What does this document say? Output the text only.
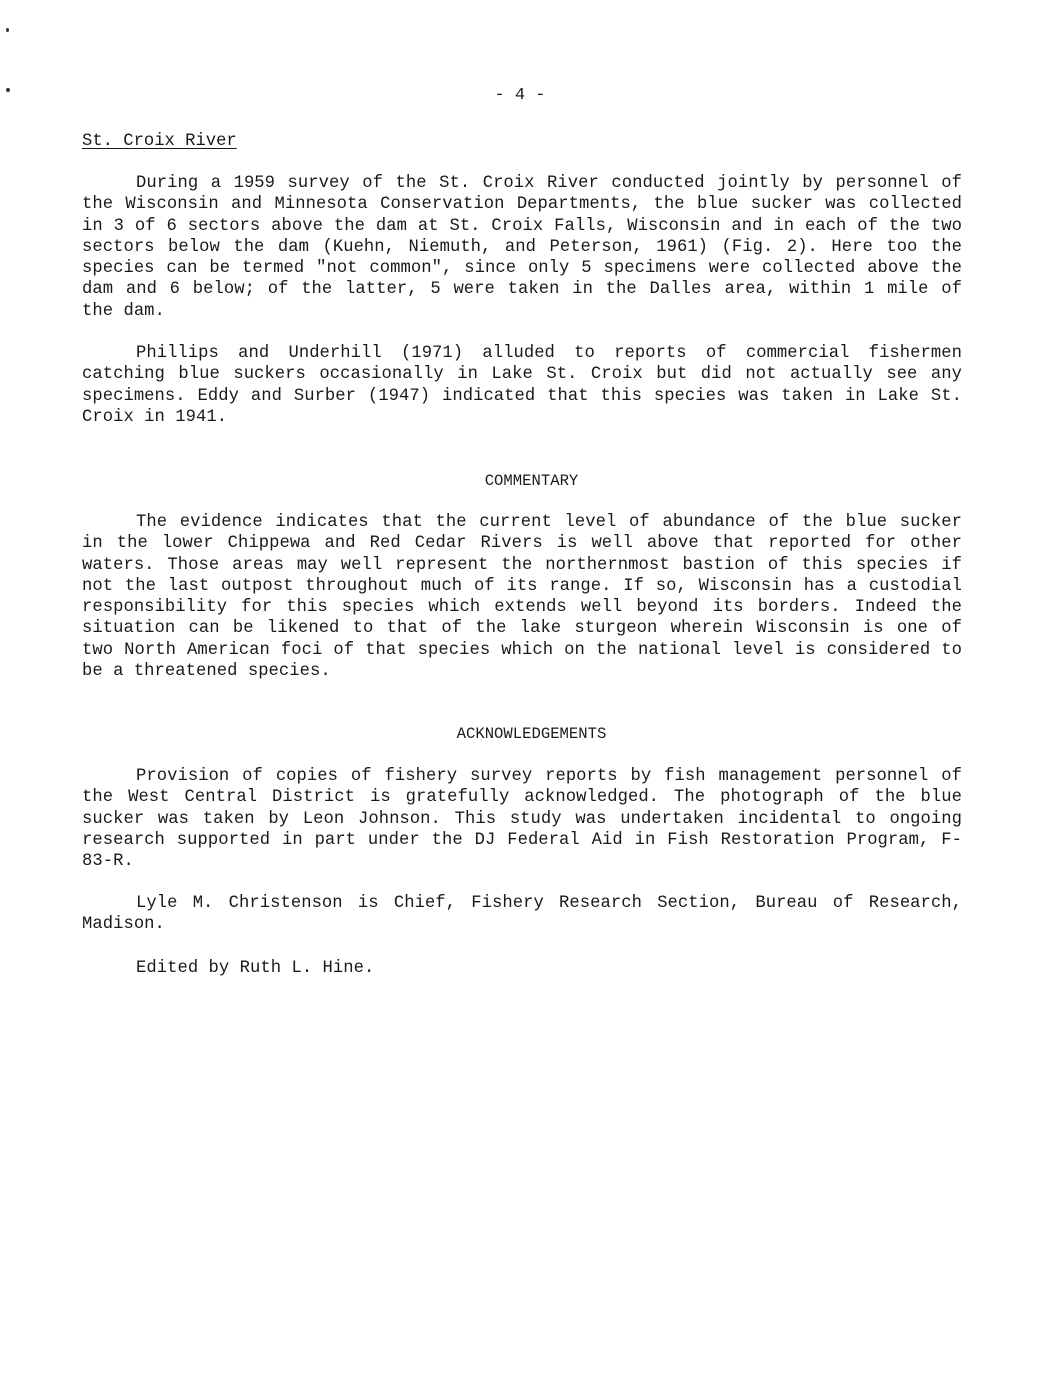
- 4 -
St. Croix River

During a 1959 survey of the St. Croix River conducted jointly by personnel of the Wisconsin and Minnesota Conservation Departments, the blue sucker was collected in 3 of 6 sectors above the dam at St. Croix Falls, Wisconsin and in each of the two sectors below the dam (Kuehn, Niemuth, and Peterson, 1961) (Fig. 2). Here too the species can be termed "not common", since only 5 specimens were collected above the dam and 6 below; of the latter, 5 were taken in the Dalles area, within 1 mile of the dam.

Phillips and Underhill (1971) alluded to reports of commercial fishermen catching blue suckers occasionally in Lake St. Croix but did not actually see any specimens. Eddy and Surber (1947) indicated that this species was taken in Lake St. Croix in 1941.

COMMENTARY

The evidence indicates that the current level of abundance of the blue sucker in the lower Chippewa and Red Cedar Rivers is well above that reported for other waters. Those areas may well represent the northernmost bastion of this species if not the last outpost throughout much of its range. If so, Wisconsin has a custodial responsibility for this species which extends well beyond its borders. Indeed the situation can be likened to that of the lake sturgeon wherein Wisconsin is one of two North American foci of that species which on the national level is considered to be a threatened species.

ACKNOWLEDGEMENTS

Provision of copies of fishery survey reports by fish management personnel of the West Central District is gratefully acknowledged. The photograph of the blue sucker was taken by Leon Johnson. This study was undertaken incidental to ongoing research supported in part under the DJ Federal Aid in Fish Restoration Program, F-83-R.

Lyle M. Christenson is Chief, Fishery Research Section, Bureau of Research, Madison.

Edited by Ruth L. Hine.
